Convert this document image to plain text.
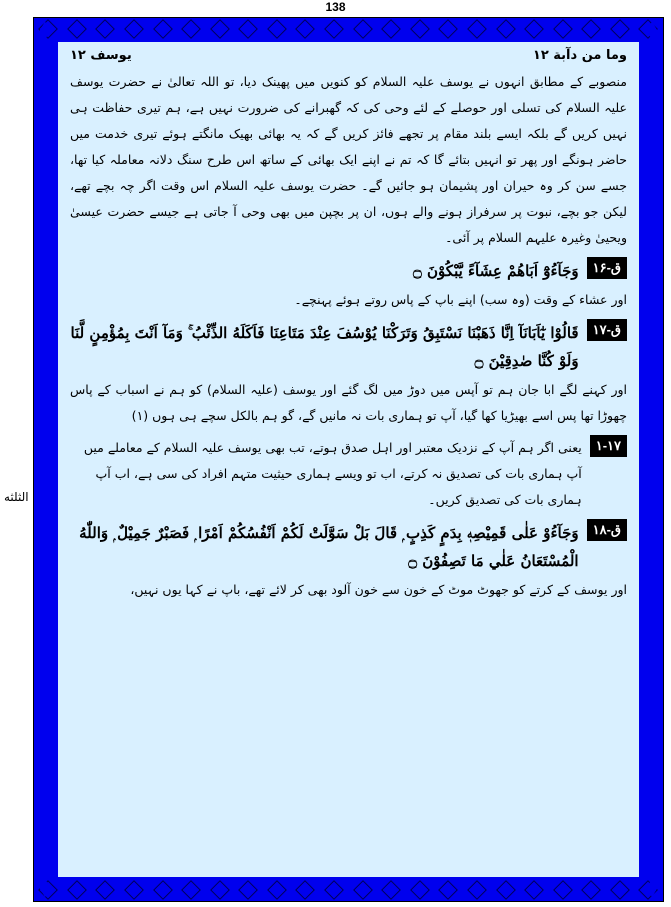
138
الثلثه
وما من دآبة ۱۲
یوسف ۱۲

منصوبے کے مطابق انہوں نے یوسف علیہ السلام کو کنویں میں پھینک دیا، تو اللہ تعالیٰ نے حضرت یوسف علیہ السلام کی تسلی اور حوصلے کے لئے وحی کی کہ گھبرانے کی ضرورت نہیں ہے، ہم تیری حفاظت ہی نہیں کریں گے بلکہ ایسے بلند مقام پر تجھے فائز کریں گے کہ یہ بھائی بھیک مانگتے ہوئے تیری خدمت میں حاضر ہونگے اور پھر تو انہیں بتائے گا کہ تم نے اپنے ایک بھائی کے ساتھ اس طرح سنگ دلانہ معاملہ کیا تھا، جسے سن کر وہ حیران اور پشیمان ہو جائیں گے۔ حضرت یوسف علیہ السلام اس وقت اگر چہ بچے تھے، لیکن جو بچے، نبوت پر سرفراز ہونے والے ہوں، ان پر بچپن میں بھی وحی آ جاتی ہے جیسے حضرت عیسیٰ ویحییٰ وغیرہ علیہم السلام پر آئی۔

ق-۱۶
وَجَآءُوْٓ اَبَاهُمْ عِشَآءً يَّبْكُوْنَ ۝

اور عشاء کے وقت (وہ سب) اپنے باپ کے پاس روتے ہوئے پہنچے۔

ق-۱۷
قَالُوْا يٰٓاَبَانَآ اِنَّا ذَهَبْنَا نَسْتَبِقُ وَتَرَكْنَا يُوْسُفَ عِنْدَ مَتَاعِنَا فَاَكَلَهُ الذِّئْبُ ۚ وَمَآ اَنْتَ بِمُؤْمِنٍ لَّنَا وَلَوْ كُنَّا صٰدِقِيْنَ ۝

اور کہنے لگے ابا جان ہم تو آپس میں دوڑ میں لگ گئے اور یوسف (علیہ السلام) کو ہم نے اسباب کے پاس چھوڑا تھا پس اسے بھیڑیا کھا گیا، آپ تو ہماری بات نہ مانیں گے، گو ہم بالکل سچے ہی ہوں (۱)

۱-۱۷
یعنی اگر ہم آپ کے نزدیک معتبر اور اہل صدق ہوتے، تب بھی یوسف علیہ السلام کے معاملے میں آپ ہماری بات کی تصدیق نہ کرتے، اب تو ویسے ہماری حیثیت متہم افراد کی سی ہے، اب آپ ہماری بات کی تصدیق کریں۔
ق-۱۸
وَجَآءُوْ عَلٰى قَمِيْصِهٖ بِدَمٍ كَذِبٍ ۭ قَالَ بَلْ سَوَّلَتْ لَكُمْ اَنْفُسُكُمْ اَمْرًا ۭ فَصَبْرٌ جَمِيْلٌ ۭ وَاللّٰهُ الْمُسْتَعَانُ عَلٰي مَا تَصِفُوْنَ ۝

اور یوسف کے کرتے کو جھوٹ موٹ کے خون سے خون آلود بھی کر لائے تھے، باپ نے کہا یوں نہیں،
